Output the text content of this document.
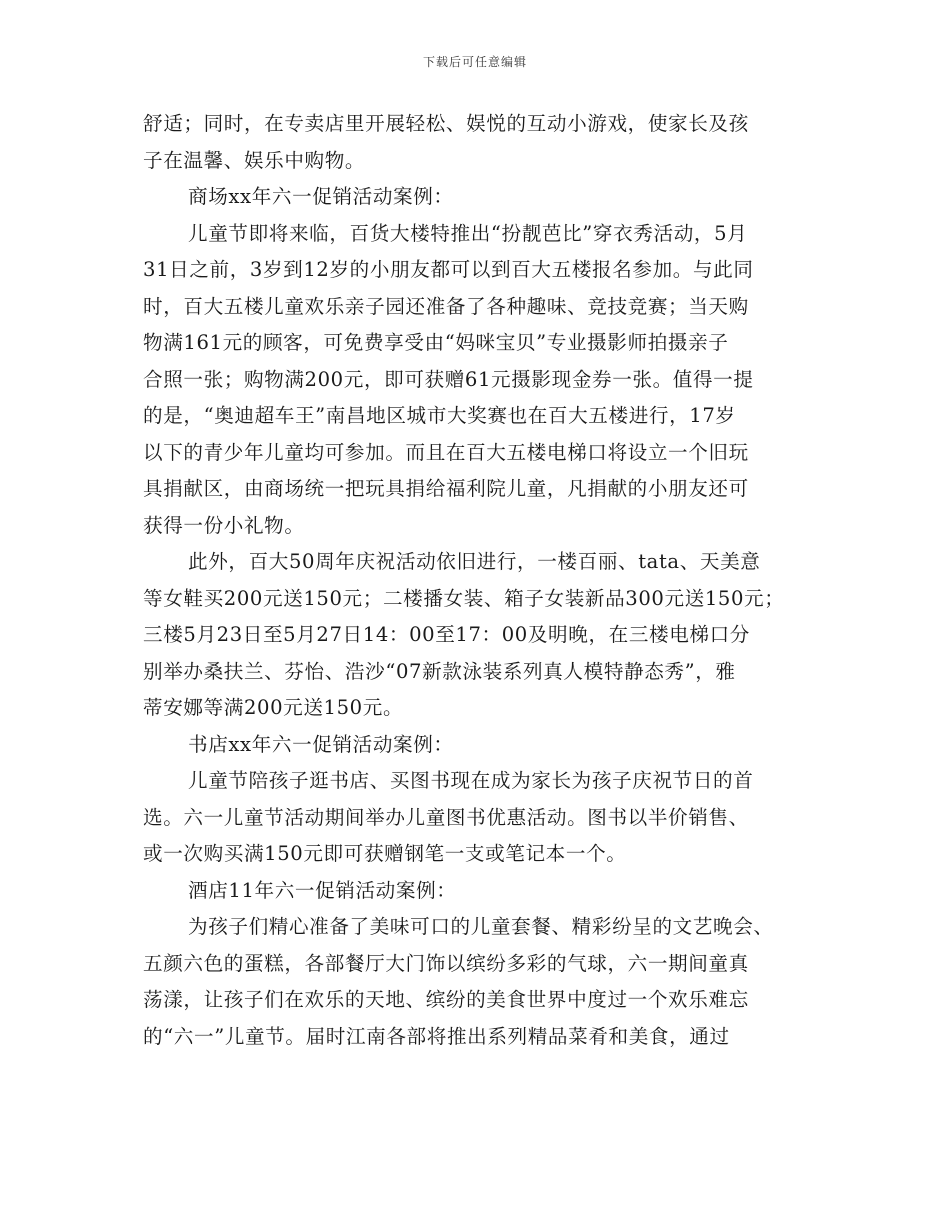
下载后可任意编辑
舒适；同时，在专卖店里开展轻松、娱悦的互动小游戏，使家长及孩
子在温馨、娱乐中购物。
商场xx年六一促销活动案例：
儿童节即将来临，百货大楼特推出“扮靓芭比”穿衣秀活动，5月
31日之前，3岁到12岁的小朋友都可以到百大五楼报名参加。与此同
时，百大五楼儿童欢乐亲子园还准备了各种趣味、竞技竞赛；当天购
物满161元的顾客，可免费享受由“妈咪宝贝”专业摄影师拍摄亲子
合照一张；购物满200元，即可获赠61元摄影现金券一张。值得一提
的是，“奥迪超车王”南昌地区城市大奖赛也在百大五楼进行，17岁
以下的青少年儿童均可参加。而且在百大五楼电梯口将设立一个旧玩
具捐献区，由商场统一把玩具捐给福利院儿童，凡捐献的小朋友还可
获得一份小礼物。
此外，百大50周年庆祝活动依旧进行，一楼百丽、tata、天美意
等女鞋买200元送150元；二楼播女装、箱子女装新品300元送150元；
三楼5月23日至5月27日14：00至17：00及明晚，在三楼电梯口分
别举办桑扶兰、芬怡、浩沙“07新款泳装系列真人模特静态秀”，雅
蒂安娜等满200元送150元。
书店xx年六一促销活动案例：
儿童节陪孩子逛书店、买图书现在成为家长为孩子庆祝节日的首
选。六一儿童节活动期间举办儿童图书优惠活动。图书以半价销售、
或一次购买满150元即可获赠钢笔一支或笔记本一个。
酒店11年六一促销活动案例：
为孩子们精心准备了美味可口的儿童套餐、精彩纷呈的文艺晚会、
五颜六色的蛋糕，各部餐厅大门饰以缤纷多彩的气球，六一期间童真
荡漾，让孩子们在欢乐的天地、缤纷的美食世界中度过一个欢乐难忘
的“六一”儿童节。届时江南各部将推出系列精品菜肴和美食，通过
